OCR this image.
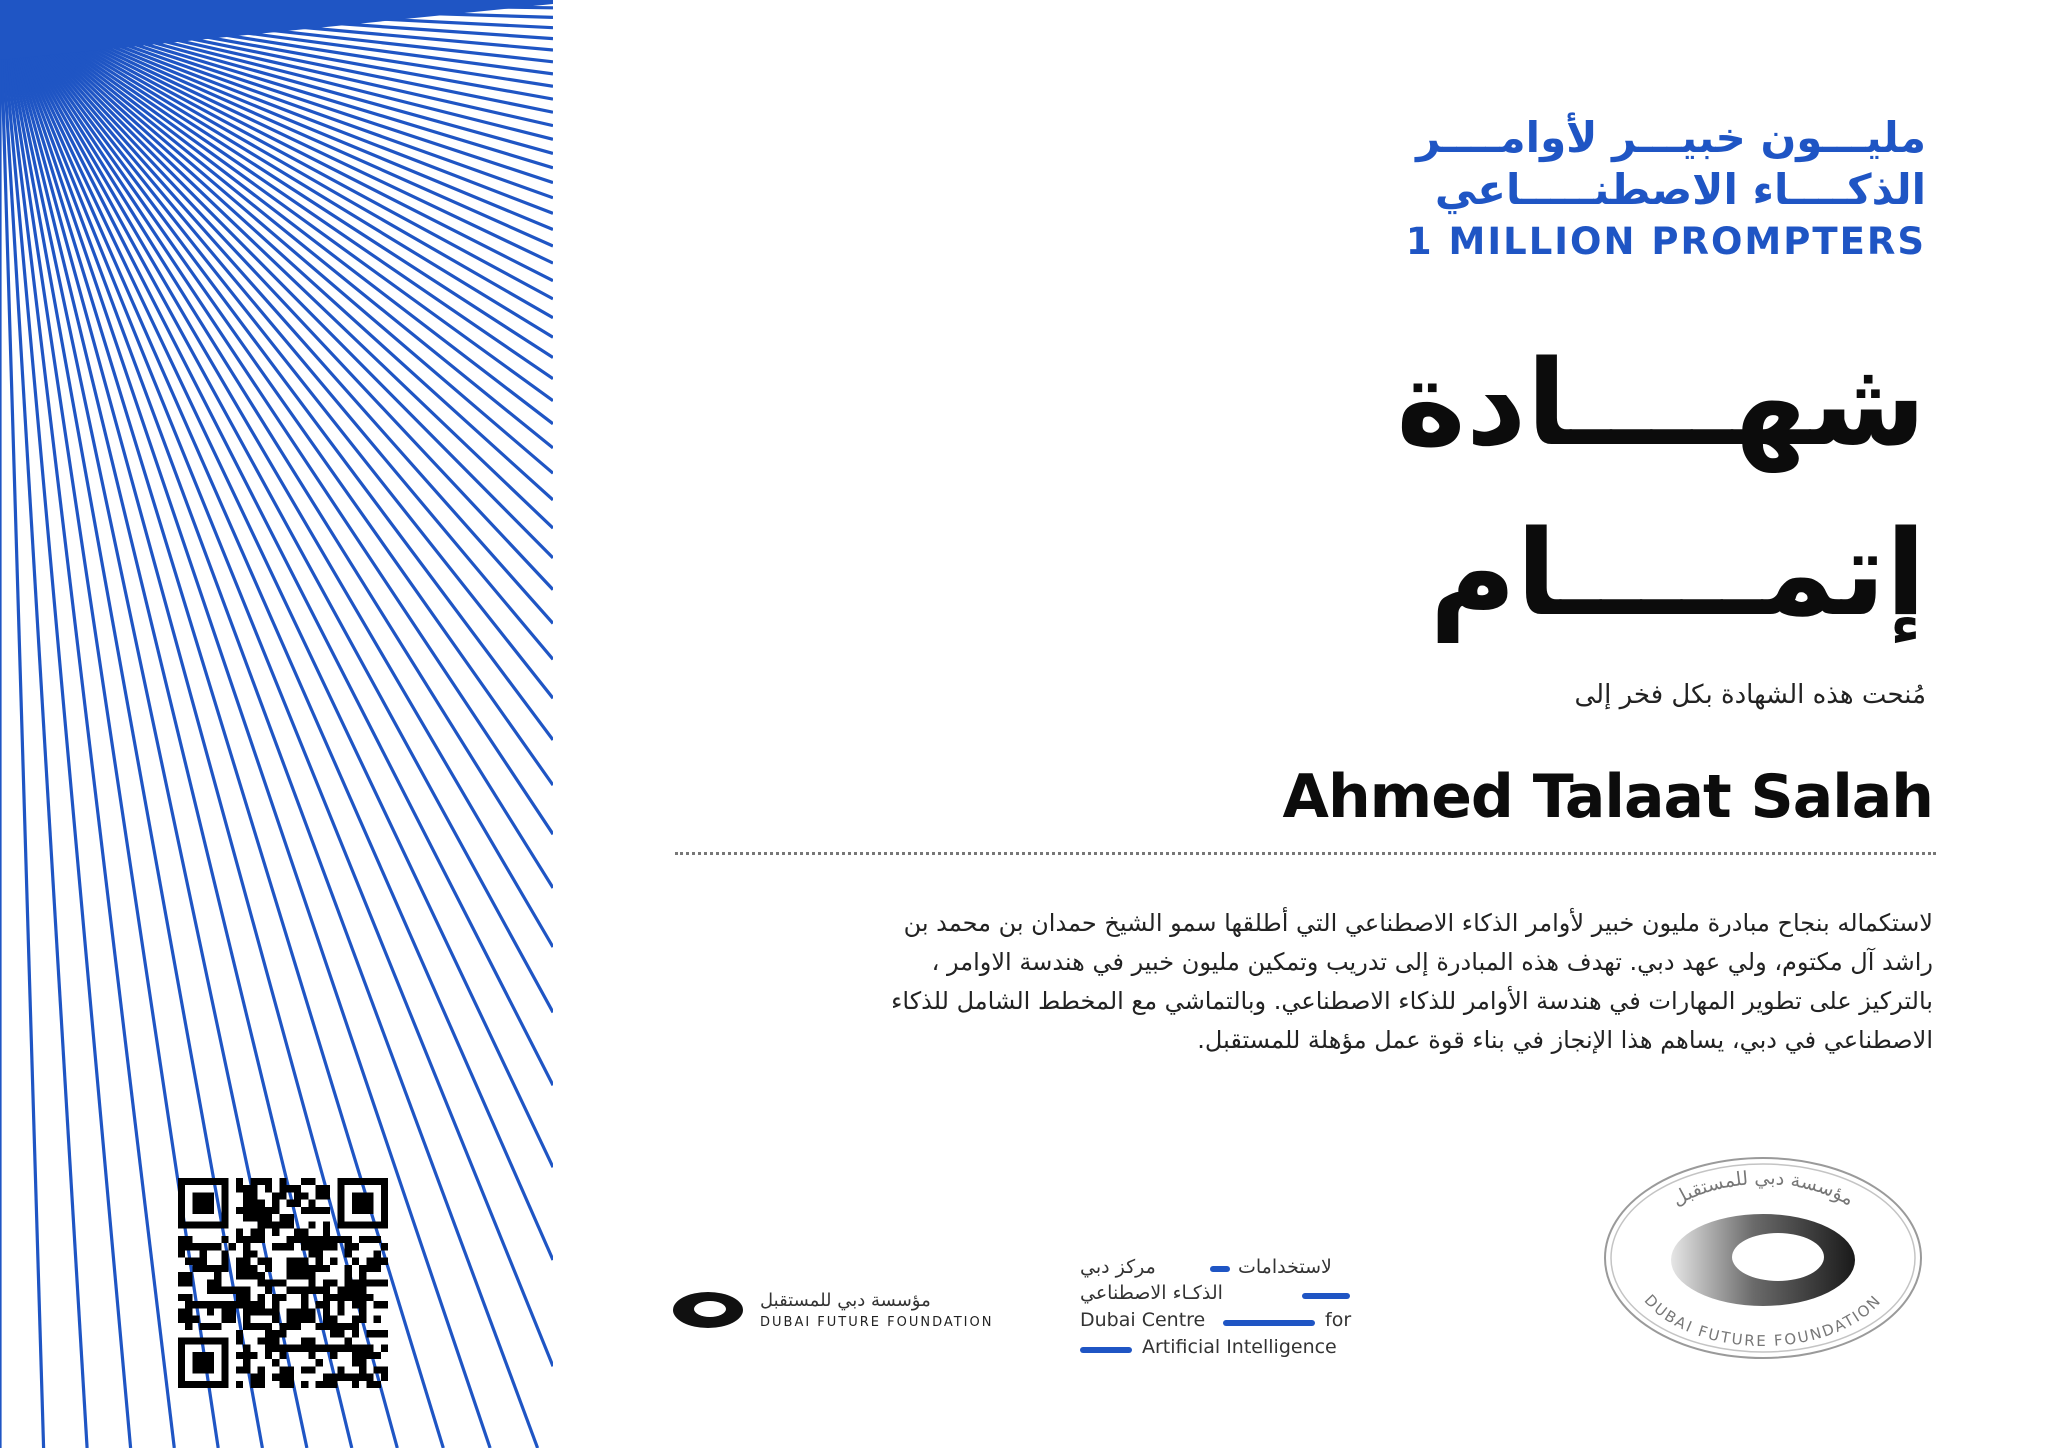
مليـــون خبيـــر لأوامــــر
الذكــــاء الاصطنـــــاعي
1 MILLION PROMPTERS
شهــــادة
إتمـــــام
مُنحت هذه الشهادة بكل فخر إلى
Ahmed Talaat Salah
لاستكماله بنجاح مبادرة مليون خبير لأوامر الذكاء الاصطناعي التي أطلقها سمو الشيخ حمدان بن محمد بن راشد آل مكتوم، ولي عهد دبي. تهدف هذه المبادرة إلى تدريب وتمكين مليون خبير في هندسة الاوامر ، بالتركيز على تطوير المهارات في هندسة الأوامر للذكاء الاصطناعي. وبالتماشي مع المخطط الشامل للذكاء الاصطناعي في دبي، يساهم هذا الإنجاز في بناء قوة عمل مؤهلة للمستقبل.
مؤسسة دبي للمستقبل
DUBAI FUTURE FOUNDATION
مركز دبي	لاستخدامات
الذكـاء الاصطناعي
Dubai Centre	for
Artificial Intelligence
مؤسسة دبي للمستقبل
DUBAI FUTURE FOUNDATION
